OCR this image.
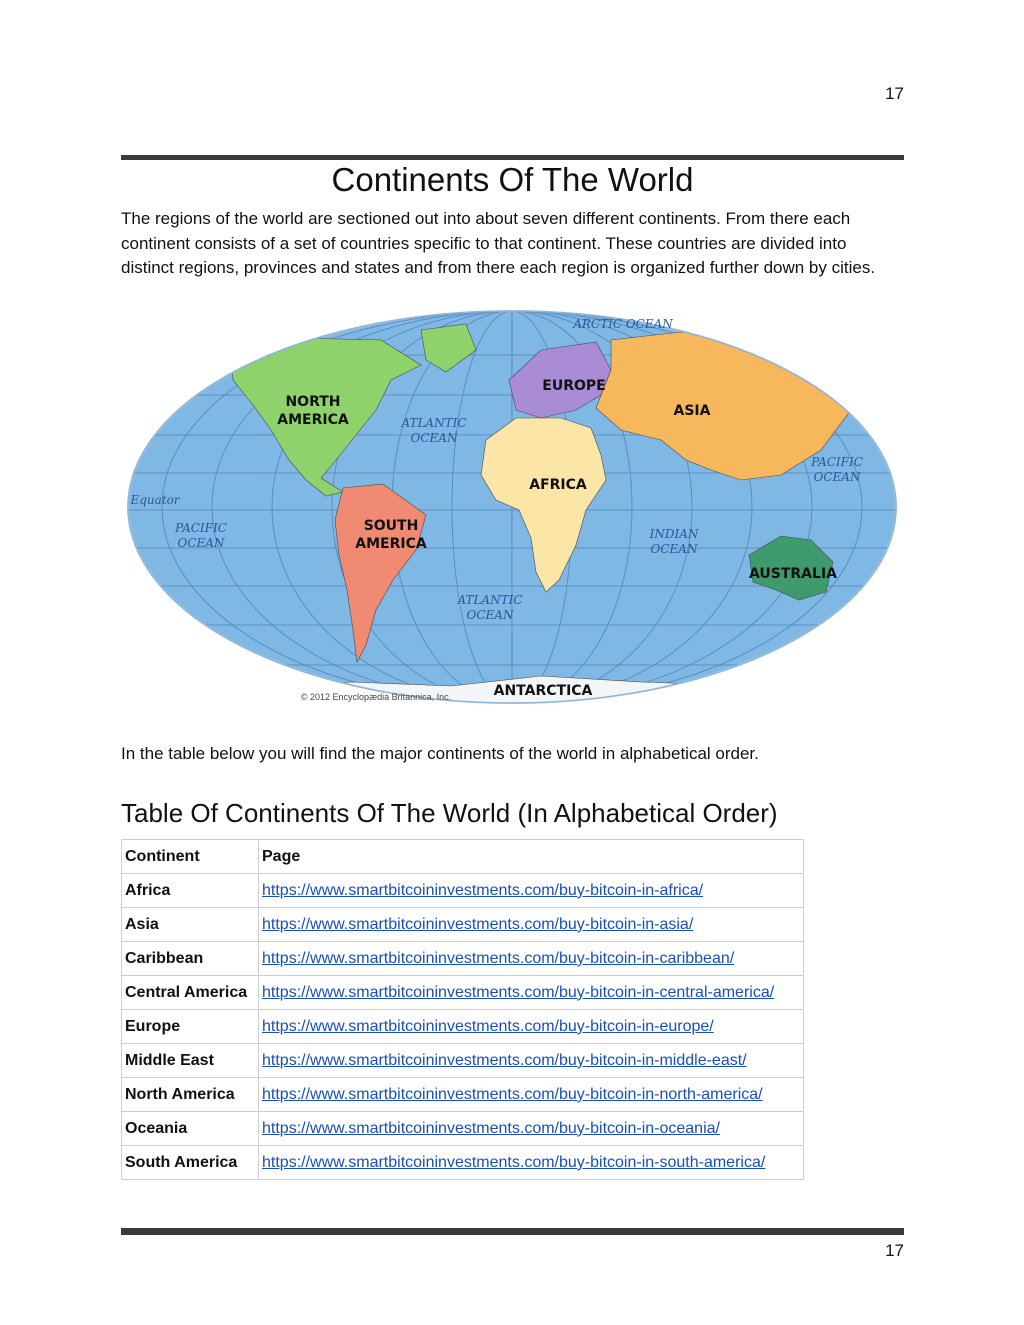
17
Continents Of The World

The regions of the world are sectioned out into about seven different continents. From there each continent consists of a set of countries specific to that continent. These countries are divided into distinct regions, provinces and states and from there each region is organized further down by cities.

NORTH
AMERICA
SOUTH
AMERICA
EUROPE
ASIA
AFRICA
AUSTRALIA
ANTARCTICA
ARCTIC OCEAN
ATLANTIC
OCEAN
ATLANTIC
OCEAN
PACIFIC
OCEAN
PACIFIC
OCEAN
INDIAN
OCEAN
Equator
© 2012 Encyclopædia Britannica, Inc.

In the table below you will find the major continents of the world in alphabetical order.

Table Of Continents Of The World (In Alphabetical Order)
Continent	Page
Africa	https://www.smartbitcoininvestments.com/buy-bitcoin-in-africa/
Asia	https://www.smartbitcoininvestments.com/buy-bitcoin-in-asia/
Caribbean	https://www.smartbitcoininvestments.com/buy-bitcoin-in-caribbean/
Central America	https://www.smartbitcoininvestments.com/buy-bitcoin-in-central-america/
Europe	https://www.smartbitcoininvestments.com/buy-bitcoin-in-europe/
Middle East	https://www.smartbitcoininvestments.com/buy-bitcoin-in-middle-east/
North America	https://www.smartbitcoininvestments.com/buy-bitcoin-in-north-america/
Oceania	https://www.smartbitcoininvestments.com/buy-bitcoin-in-oceania/
South America	https://www.smartbitcoininvestments.com/buy-bitcoin-in-south-america/
17
